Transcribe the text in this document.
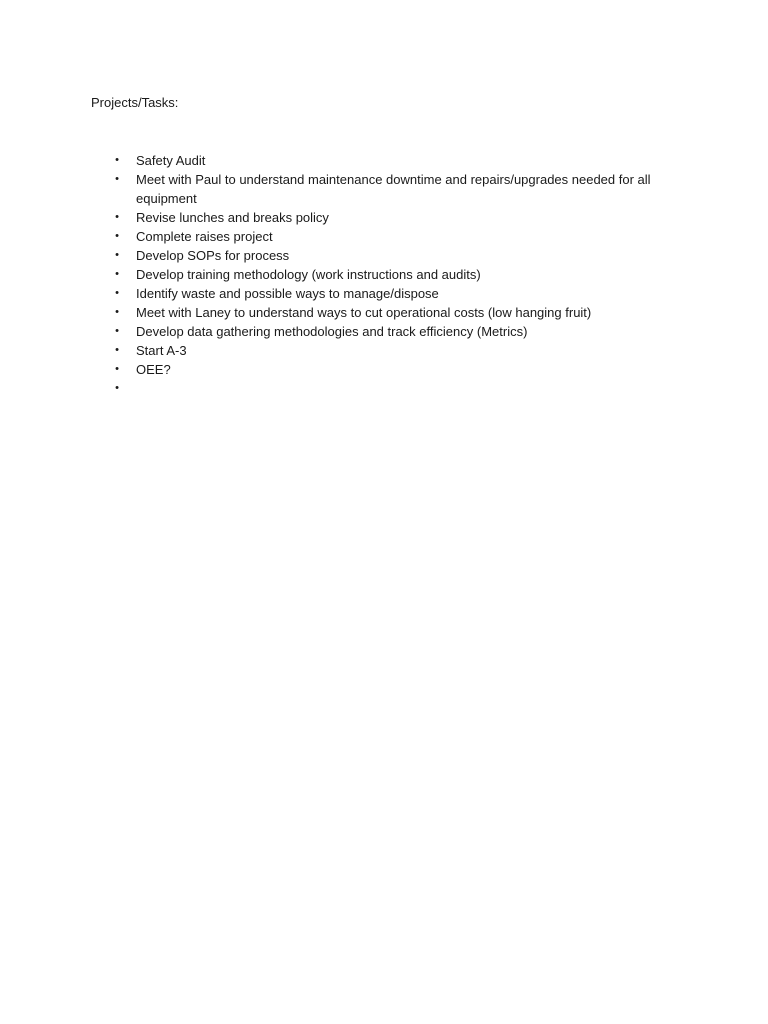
Projects/Tasks:
• Safety Audit
• Meet with Paul to understand maintenance downtime and repairs/upgrades needed for all equipment
• Revise lunches and breaks policy
• Complete raises project
• Develop SOPs for process
• Develop training methodology (work instructions and audits)
• Identify waste and possible ways to manage/dispose
• Meet with Laney to understand ways to cut operational costs (low hanging fruit)
• Develop data gathering methodologies and track efficiency (Metrics)
• Start A-3
• OEE?
•
